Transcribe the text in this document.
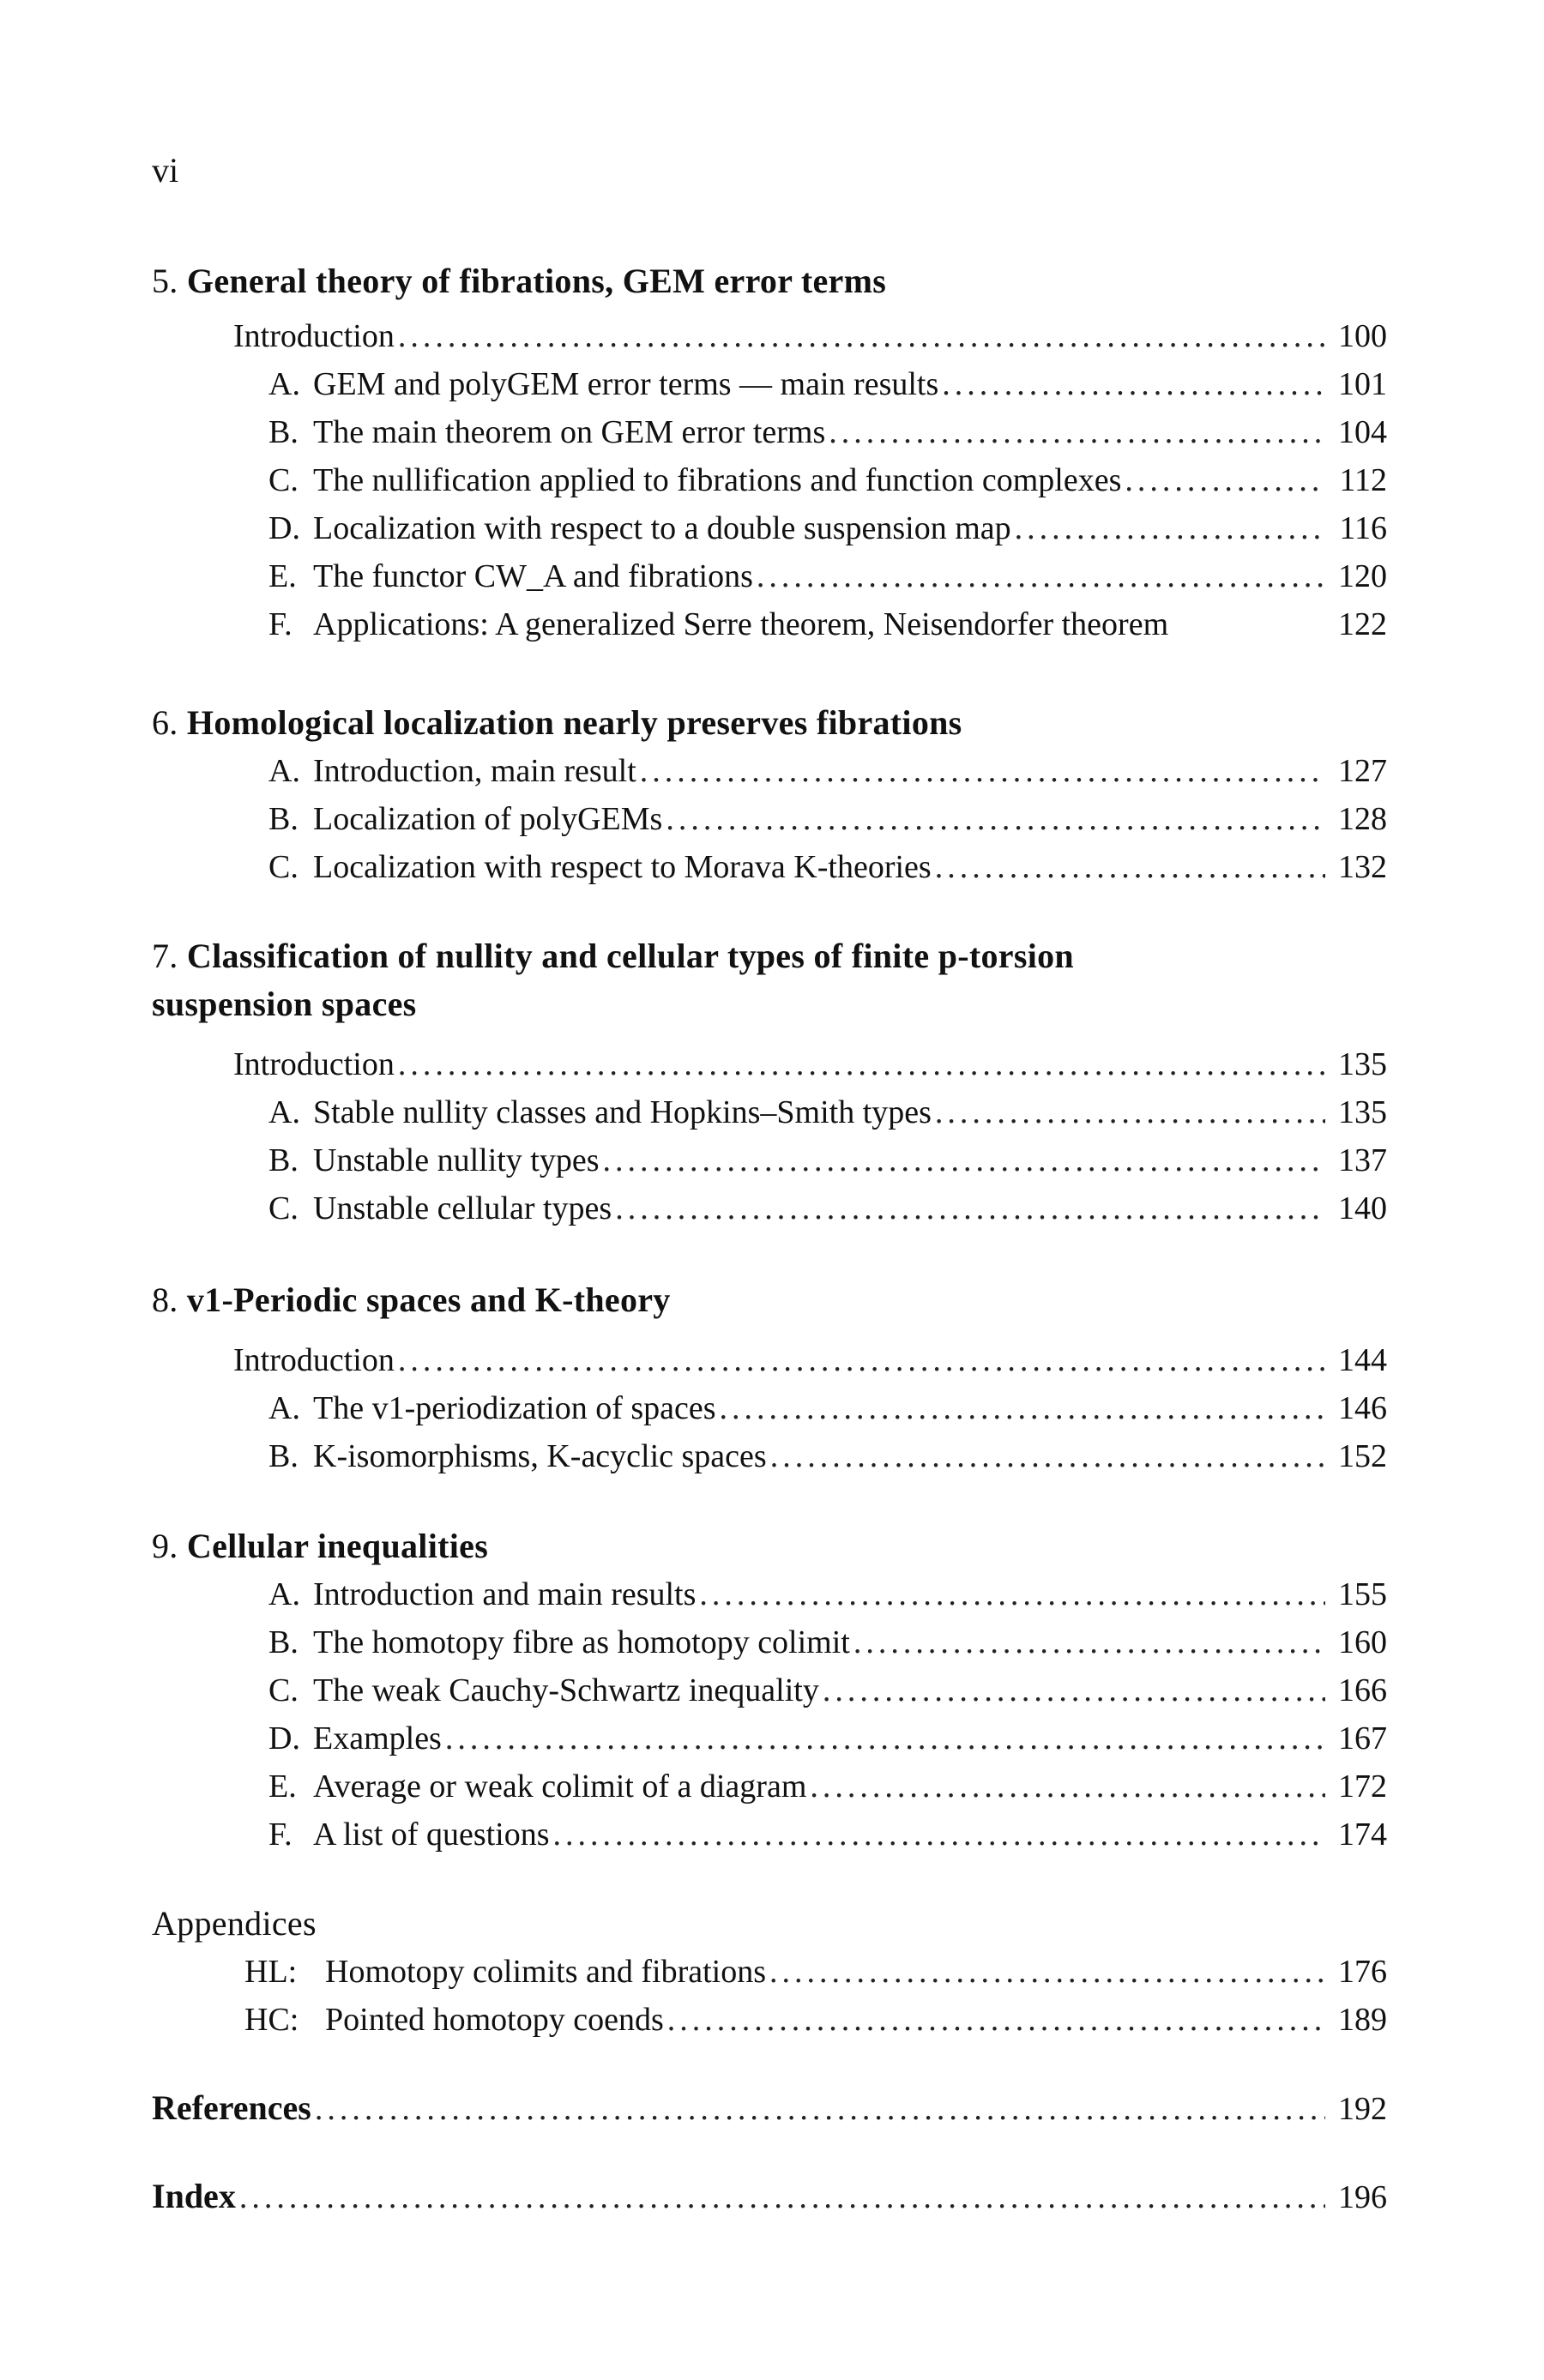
vi
5. General theory of fibrations, GEM error terms
Introduction .....	100
A. GEM and polyGEM error terms — main results .....	101
B. The main theorem on GEM error terms .....	104
C. The nullification applied to fibrations and function complexes .....	112
D. Localization with respect to a double suspension map .....	116
E. The functor CW_A and fibrations .....	120
F. Applications: A generalized Serre theorem, Neisendorfer theorem	122
6. Homological localization nearly preserves fibrations
A. Introduction, main result .....	127
B. Localization of polyGEMs .....	128
C. Localization with respect to Morava K-theories .....	132
7. Classification of nullity and cellular types of finite p-torsion
suspension spaces
Introduction .....	135
A. Stable nullity classes and Hopkins–Smith types .....	135
B. Unstable nullity types .....	137
C. Unstable cellular types .....	140
8. v1-Periodic spaces and K-theory
Introduction .....	144
A. The v1-periodization of spaces .....	146
B. K-isomorphisms, K-acyclic spaces .....	152
9. Cellular inequalities
A. Introduction and main results .....	155
B. The homotopy fibre as homotopy colimit .....	160
C. The weak Cauchy-Schwartz inequality .....	166
D. Examples .....	167
E. Average or weak colimit of a diagram .....	172
F. A list of questions .....	174
Appendices
HL: Homotopy colimits and fibrations .....	176
HC: Pointed homotopy coends .....	189
References .....	192
Index .....	196
